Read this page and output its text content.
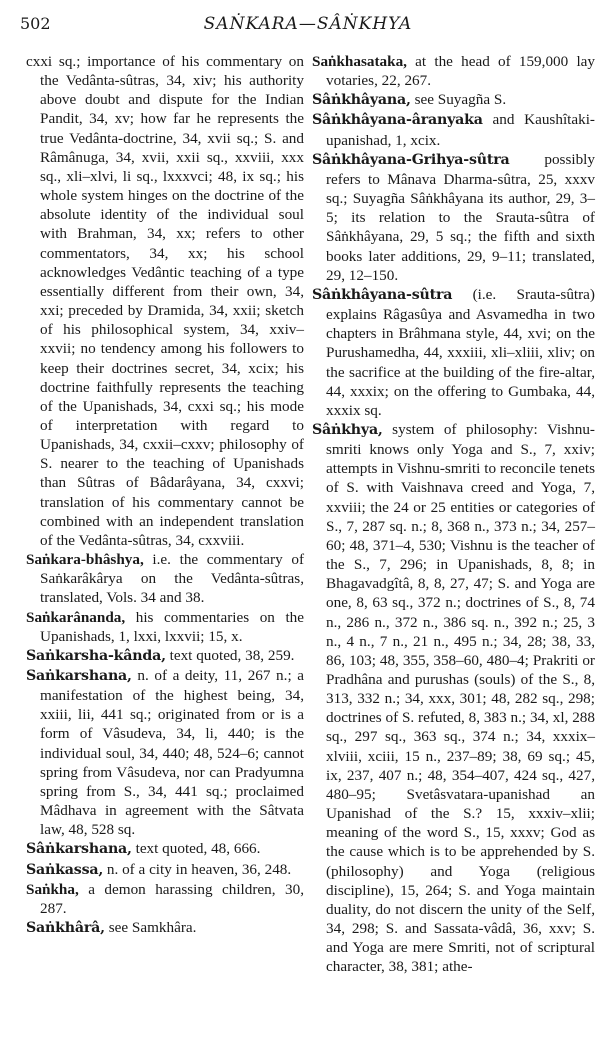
502	SAṄKARA—SÂṄKHYA

cxxi sq.; importance of his commentary on the Vedânta-sûtras, 34, xiv; his authority above doubt and dispute for the Indian Pandit, 34, xv; how far he represents the true Vedânta-doctrine, 34, xvii sq.; S. and Râmânuga, 34, xvii, xxii sq., xxviii, xxx sq., xli–xlvi, li sq., lxxxvci; 48, ix sq.; his whole system hinges on the doctrine of the absolute identity of the individual soul with Brahman, 34, xx; refers to other commentators, 34, xx; his school acknowledges Vedântic teaching of a type essentially different from their own, 34, xxi; preceded by Dramida, 34, xxii; sketch of his philosophical system, 34, xxiv–xxvii; no tendency among his followers to keep their doctrines secret, 34, xcix; his doctrine faithfully represents the teaching of the Upanishads, 34, cxxi sq.; his mode of interpretation with regard to Upanishads, 34, cxxii–cxxv; philosophy of S. nearer to the teaching of Upanishads than Sûtras of Bâdarâyana, 34, cxxvi; translation of his commentary cannot be combined with an independent translation of the Vedânta-sûtras, 34, cxxviii.

Saṅkara-bhâshya, i.e. the commentary of Saṅkarâkârya on the Vedânta-sûtras, translated, Vols. 34 and 38.

Saṅkarânanda, his commentaries on the Upanishads, 1, lxxi, lxxvii; 15, x.

Saṅkarsha-kânda, text quoted, 38, 259.

Saṅkarshana, n. of a deity, 11, 267 n.; a manifestation of the highest being, 34, xxiii, lii, 441 sq.; originated from or is a form of Vâsudeva, 34, li, 440; is the individual soul, 34, 440; 48, 524–6; cannot spring from Vâsudeva, nor can Pradyumna spring from S., 34, 441 sq.; proclaimed Mâdhava in agreement with the Sâtvata law, 48, 528 sq.

Sâṅkarshana, text quoted, 48, 666.

Saṅkassa, n. of a city in heaven, 36, 248.

Saṅkha, a demon harassing children, 30, 287.

Saṅkhârâ, see Samkhâra.

Saṅkhasataka, at the head of 159,000 lay votaries, 22, 267.

Sâṅkhâyana, see Suyagña S.

Sâṅkhâyana-âranyaka and Kaushîtaki-upanishad, 1, xcix.

Sâṅkhâyana-Grihya-sûtra possibly refers to Mânava Dharma-sûtra, 25, xxxv sq.; Suyagña Sâṅkhâyana its author, 29, 3–5; its relation to the Srauta-sûtra of Sâṅkhâyana, 29, 5 sq.; the fifth and sixth books later additions, 29, 9–11; translated, 29, 12–150.

Sâṅkhâyana-sûtra (i.e. Srauta-sûtra) explains Râgasûya and Asvamedha in two chapters in Brâhmana style, 44, xvi; on the Purushamedha, 44, xxxiii, xli–xliii, xliv; on the sacrifice at the building of the fire-altar, 44, xxxix; on the offering to Gumbaka, 44, xxxix sq.

Sâṅkhya, system of philosophy: Vishnu-smriti knows only Yoga and S., 7, xxiv; attempts in Vishnu-smriti to reconcile tenets of S. with Vaishnava creed and Yoga, 7, xxviii; the 24 or 25 entities or categories of S., 7, 287 sq. n.; 8, 368 n., 373 n.; 34, 257–60; 48, 371–4, 530; Vishnu is the teacher of the S., 7, 296; in Upanishads, 8, 8; in Bhagavadgîtâ, 8, 8, 27, 47; S. and Yoga are one, 8, 63 sq., 372 n.; doctrines of S., 8, 74 n., 286 n., 372 n., 386 sq. n., 392 n.; 25, 3 n., 4 n., 7 n., 21 n., 495 n.; 34, 28; 38, 33, 86, 103; 48, 355, 358–60, 480–4; Prakriti or Pradhâna and purushas (souls) of the S., 8, 313, 332 n.; 34, xxx, 301; 48, 282 sq., 298; doctrines of S. refuted, 8, 383 n.; 34, xl, 288 sq., 297 sq., 363 sq., 374 n.; 34, xxxix–xlviii, xciii, 15 n., 237–89; 38, 69 sq.; 45, ix, 237, 407 n.; 48, 354–407, 424 sq., 427, 480–95; Svetâsvatara-upanishad an Upanishad of the S.? 15, xxxiv–xlii; meaning of the word S., 15, xxxv; God as the cause which is to be apprehended by S. (philosophy) and Yoga (religious discipline), 15, 264; S. and Yoga maintain duality, do not discern the unity of the Self, 34, 298; S. and Sassata-vâdâ, 36, xxv; S. and Yoga are mere Smriti, not of scriptural character, 38, 381; athe-
